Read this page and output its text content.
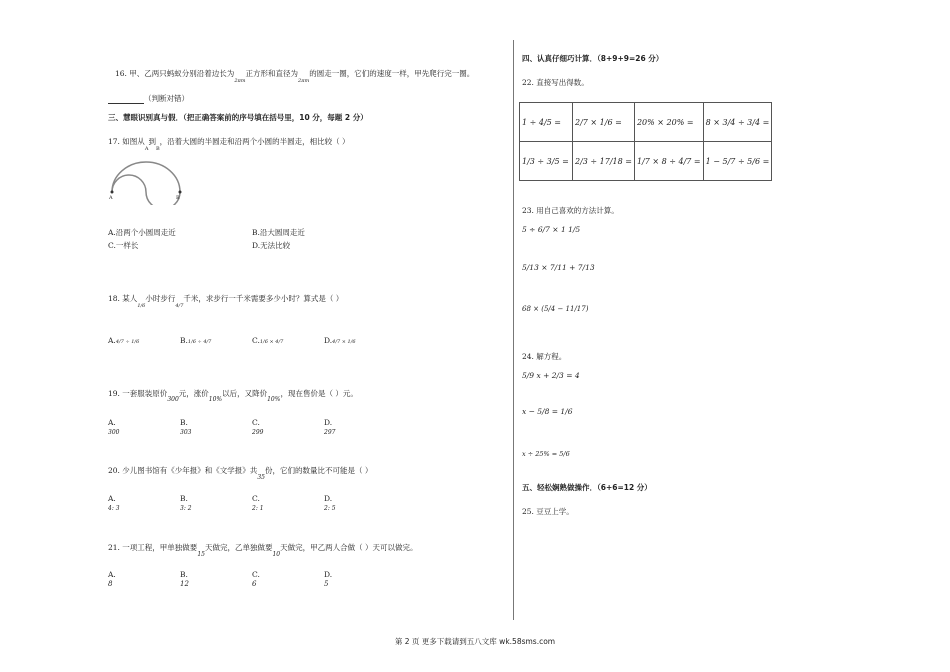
16. 甲、乙两只蚂蚁分别沿着边长为$_{2\pi m}$正方形和直径为$_{2\pi m}$的圆走一圈，它们的速度一样，甲先爬行完一圈。
（判断对错）
三、慧眼识别真与假．（把正确答案前的序号填在括号里，10 分，每题 2 分）
17. 如图从$_A$到$_B$，沿着大圆的半圆走和沿两个小圆的半圆走，相比较（ ）
A	B
A.沿两个小圆周走近	B.沿大圆周走近
C.一样长	D.无法比较
18. 某人$_{1/6}$小时步行$_{4/7}$千米，求步行一千米需要多少小时？算式是（ ）
A.4/7 ÷ 1/6	B.1/6 ÷ 4/7	C.1/6 × 4/7	D.4/7 × 1/6
19. 一套服装原价$_{300}$元，涨价$_{10\%}$以后，又降价$_{10\%}$，现在售价是（ ）元。
A.
300
B.
303
C.
299
D.
297
20. 少儿图书馆有《少年报》和《文学报》共$_{35}$份，它们的数量比不可能是（ ）
A.
4: 3
B.
3: 2
C.
2: 1
D.
2: 5
21. 一项工程，甲单独做要$_{15}$天做完，乙单独做要$_{10}$天做完，甲乙两人合做（ ）天可以做完。
A.
8
B.
12
C.
6
D.
5
四、认真仔细巧计算．（8+9+9=26 分）
22. 直接写出得数。
1 ÷ 4/5 =	2/7 × 1/6 =	20% × 20% =	8 × 3/4 ÷ 3/4 =
1/3 ÷ 3/5 =	2/3 ÷ 17/18 =	1/7 × 8 ÷ 4/7 =	1 − 5/7 ÷ 5/6 =
23. 用自己喜欢的方法计算。
5 ÷ 6/7 × 1 1/5
5/13 × 7/11 + 7/13
68 × (5/4 − 11/17)
24. 解方程。
5/9 x + 2/3 = 4
x − 5/8 = 1/6
x ÷ 25% = 5/6
五、轻松娴熟做操作．（6+6=12 分）
25. 豆豆上学。
第 2 页 更多下载请到五八文库 wk.58sms.com
